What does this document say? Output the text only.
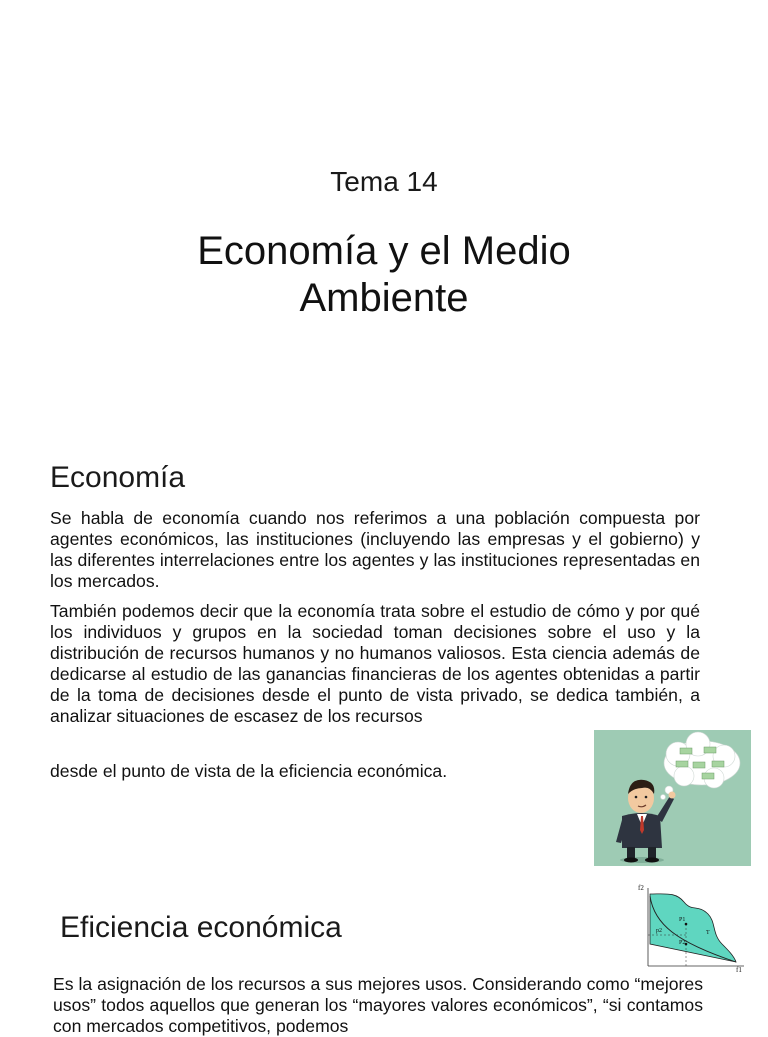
Tema 14
Economía y el Medio
Ambiente
Economía
Se habla de economía cuando nos referimos a una población compuesta por agentes económicos, las instituciones (incluyendo las empresas y el gobierno) y las diferentes interrelaciones entre los agentes y las instituciones representadas en los mercados.
También podemos decir que la economía trata sobre el estudio de cómo y por qué los individuos y grupos en la sociedad toman decisiones sobre el uso y la distribución de recursos humanos y no humanos valiosos. Esta ciencia además de dedicarse al estudio de las ganancias financieras de los agentes obtenidas a partir de la toma de decisiones desde el punto de vista privado, se dedica también, a analizar situaciones de escasez de los recursos
desde el punto de vista de la eficiencia económica.
f2
f1
P1
P2
p2	T
Eficiencia económica
Es la asignación de los recursos a sus mejores usos. Considerando como “mejores usos” todos aquellos que generan los “mayores valores económicos”, “si contamos con mercados competitivos, podemos
